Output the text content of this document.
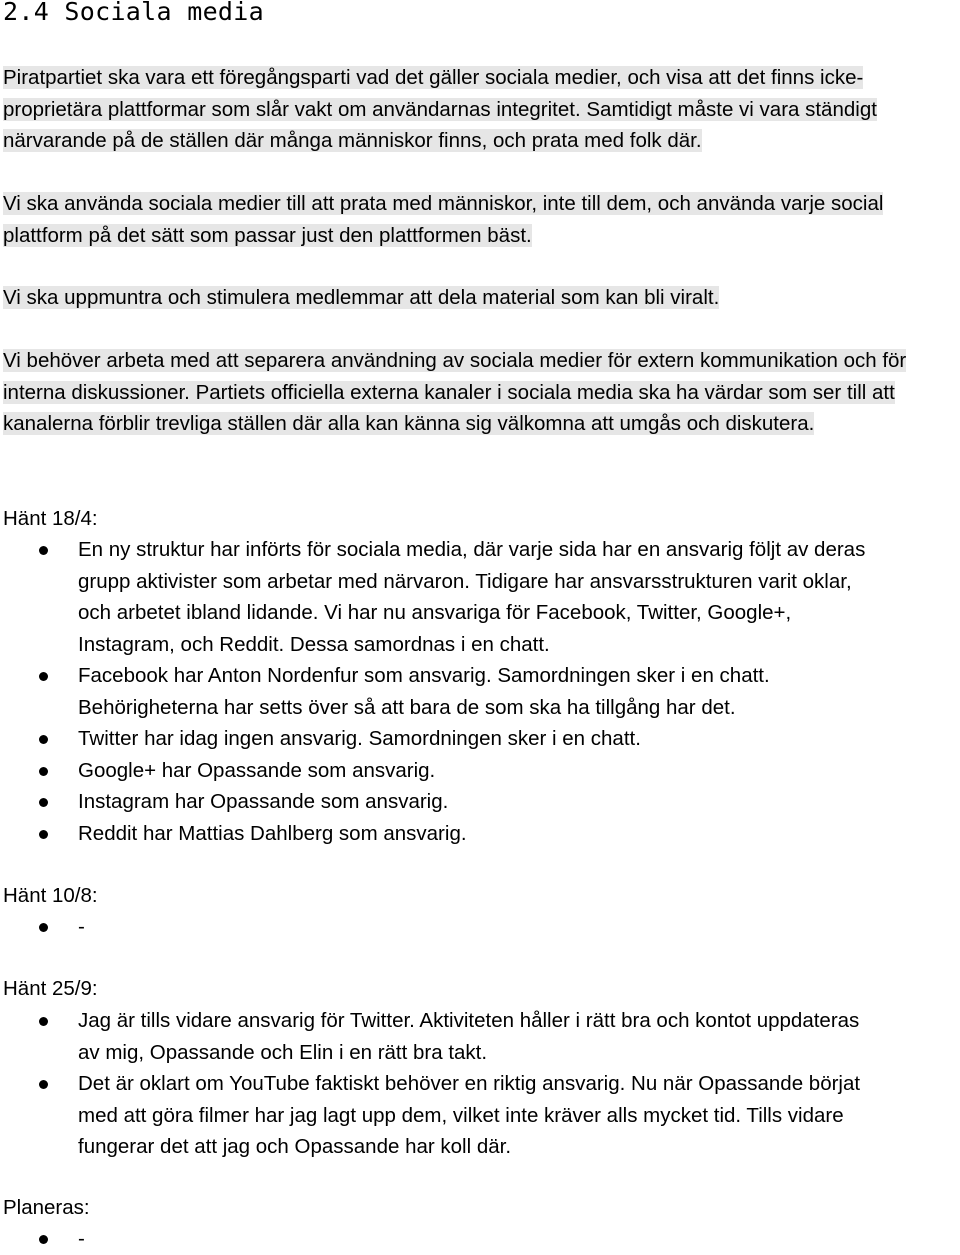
2.4 Sociala media

Piratpartiet ska vara ett föregångsparti vad det gäller sociala medier, och visa att det finns icke-proprietära plattformar som slår vakt om användarnas integritet. Samtidigt måste vi vara ständigt närvarande på de ställen där många människor finns, och prata med folk där.

Vi ska använda sociala medier till att prata med människor, inte till dem, och använda varje social plattform på det sätt som passar just den plattformen bäst.

Vi ska uppmuntra och stimulera medlemmar att dela material som kan bli viralt.

Vi behöver arbeta med att separera användning av sociala medier för extern kommunikation och för interna diskussioner. Partiets officiella externa kanaler i sociala media ska ha värdar som ser till att kanalerna förblir trevliga ställen där alla kan känna sig välkomna att umgås och diskutera.

Hänt 18/4:

En ny struktur har införts för sociala media, där varje sida har en ansvarig följt av deras
grupp aktivister som arbetar med närvaron. Tidigare har ansvarsstrukturen varit oklar,
och arbetet ibland lidande. Vi har nu ansvariga för Facebook, Twitter, Google+,
Instagram, och Reddit. Dessa samordnas i en chatt.
Facebook har Anton Nordenfur som ansvarig. Samordningen sker i en chatt.
Behörigheterna har setts över så att bara de som ska ha tillgång har det.
Twitter har idag ingen ansvarig. Samordningen sker i en chatt.
Google+ har Opassande som ansvarig.
Instagram har Opassande som ansvarig.
Reddit har Mattias Dahlberg som ansvarig.

Hänt 10/8:

-

Hänt 25/9:

Jag är tills vidare ansvarig för Twitter. Aktiviteten håller i rätt bra och kontot uppdateras
av mig, Opassande och Elin i en rätt bra takt.
Det är oklart om YouTube faktiskt behöver en riktig ansvarig. Nu när Opassande börjat
med att göra filmer har jag lagt upp dem, vilket inte kräver alls mycket tid. Tills vidare
fungerar det att jag och Opassande har koll där.

Planeras:

-
